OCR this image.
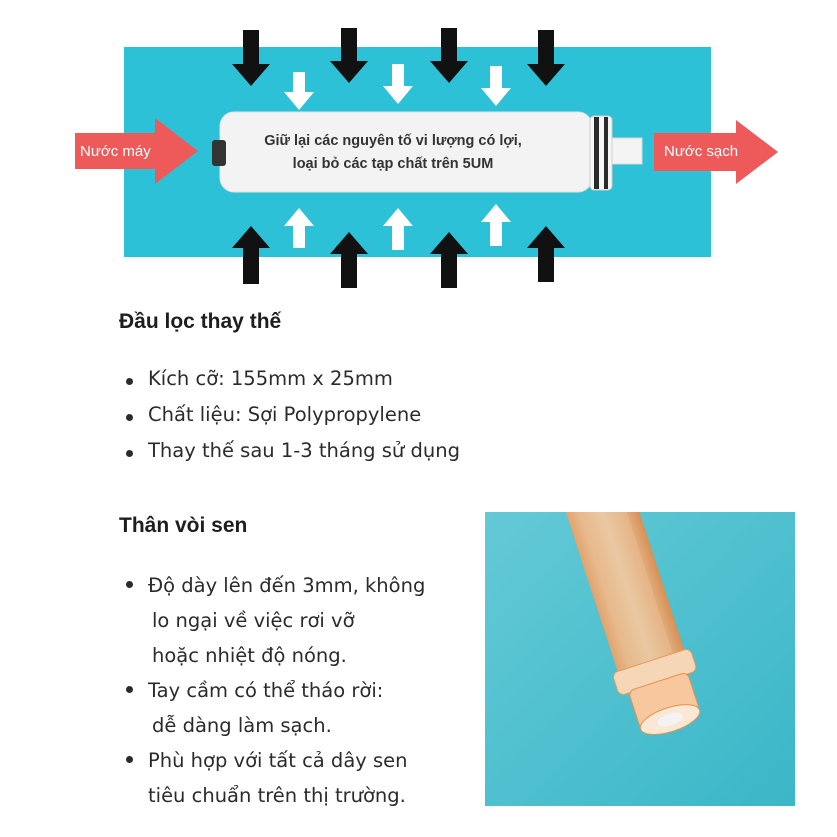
Giữ lại các nguyên tố vi lượng có lợi,
loại bỏ các tạp chất trên 5UM
Nước máy	Nước sạch
Đầu lọc thay thế
Kích cỡ: 155mm x 25mm
Chất liệu: Sợi Polypropylene
Thay thế sau 1-3 tháng sử dụng
Thân vòi sen
Độ dày lên đến 3mm, không
lo ngại về việc rơi vỡ
hoặc nhiệt độ nóng.
Tay cầm có thể tháo rời:
dễ dàng làm sạch.
Phù hợp với tất cả dây sen
tiêu chuẩn trên thị trường.
